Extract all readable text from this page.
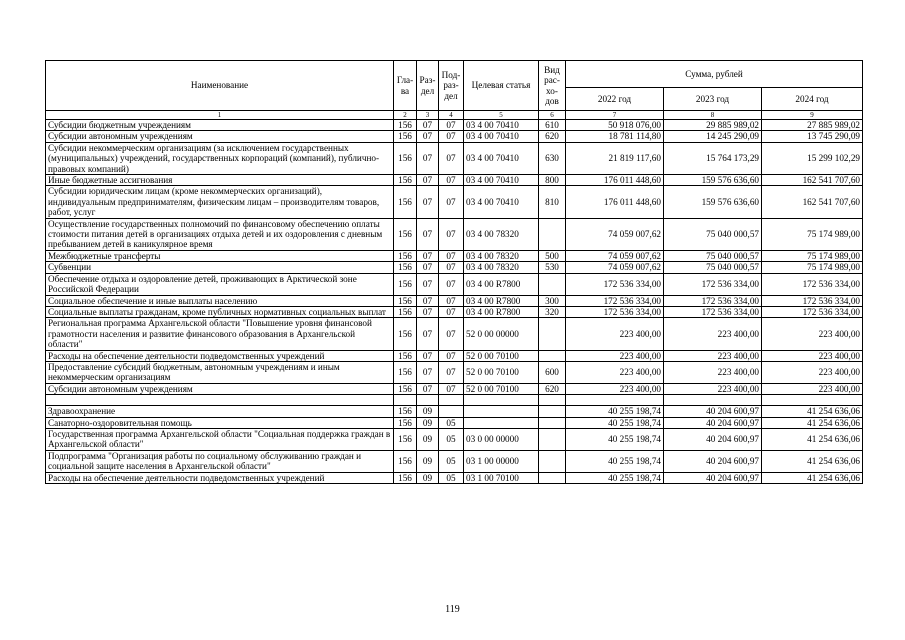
Наименование	Гла-ва	Раз-дел	Под-раз-дел	Целевая статья	Вид рас-хо-дов	Сумма, рублей		
						2022 год	2023 год	2024 год
1	2	3	4	5	6	7	8	9
Субсидии бюджетным учреждениям	156	07	07	03 4 00 70410	610	50 918 076,00	29 885 989,02	27 885 989,02
Субсидии автономным учреждениям	156	07	07	03 4 00 70410	620	18 781 114,80	14 245 290,09	13 745 290,09
Субсидии некоммерческим организациям (за исключением государственных (муниципальных) учреждений, государственных корпораций (компаний), публично-правовых компаний)	156	07	07	03 4 00 70410	630	21 819 117,60	15 764 173,29	15 299 102,29
Иные бюджетные ассигнования	156	07	07	03 4 00 70410	800	176 011 448,60	159 576 636,60	162 541 707,60
Субсидии юридическим лицам (кроме некоммерческих организаций), индивидуальным предпринимателям, физическим лицам – производителям товаров, работ, услуг	156	07	07	03 4 00 70410	810	176 011 448,60	159 576 636,60	162 541 707,60
Осуществление государственных полномочий по финансовому обеспечению оплаты стоимости питания детей в организациях отдыха детей и их оздоровления с дневным пребыванием детей в каникулярное время	156	07	07	03 4 00 78320		74 059 007,62	75 040 000,57	75 174 989,00
Межбюджетные трансферты	156	07	07	03 4 00 78320	500	74 059 007,62	75 040 000,57	75 174 989,00
Субвенции	156	07	07	03 4 00 78320	530	74 059 007,62	75 040 000,57	75 174 989,00
Обеспечение отдыха и оздоровление детей, проживающих в Арктической зоне Российской Федерации	156	07	07	03 4 00 R7800		172 536 334,00	172 536 334,00	172 536 334,00
Социальное обеспечение и иные выплаты населению	156	07	07	03 4 00 R7800	300	172 536 334,00	172 536 334,00	172 536 334,00
Социальные выплаты гражданам, кроме публичных нормативных социальных выплат	156	07	07	03 4 00 R7800	320	172 536 334,00	172 536 334,00	172 536 334,00
Региональная программа Архангельской области "Повышение уровня финансовой грамотности населения и развитие финансового образования в Архангельской области"	156	07	07	52 0 00 00000		223 400,00	223 400,00	223 400,00
Расходы на обеспечение деятельности подведомственных учреждений	156	07	07	52 0 00 70100		223 400,00	223 400,00	223 400,00
Предоставление субсидий бюджетным, автономным учреждениям и иным некоммерческим организациям	156	07	07	52 0 00 70100	600	223 400,00	223 400,00	223 400,00
Субсидии автономным учреждениям	156	07	07	52 0 00 70100	620	223 400,00	223 400,00	223 400,00

Здравоохранение	156	09				40 255 198,74	40 204 600,97	41 254 636,06
Санаторно-оздоровительная помощь	156	09	05			40 255 198,74	40 204 600,97	41 254 636,06
Государственная программа Архангельской области "Социальная поддержка граждан в Архангельской области"	156	09	05	03 0 00 00000		40 255 198,74	40 204 600,97	41 254 636,06
Подпрограмма "Организация работы по социальному обслуживанию граждан и социальной защите населения в Архангельской области"	156	09	05	03 1 00 00000		40 255 198,74	40 204 600,97	41 254 636,06
Расходы на обеспечение деятельности подведомственных учреждений	156	09	05	03 1 00 70100		40 255 198,74	40 204 600,97	41 254 636,06
119
